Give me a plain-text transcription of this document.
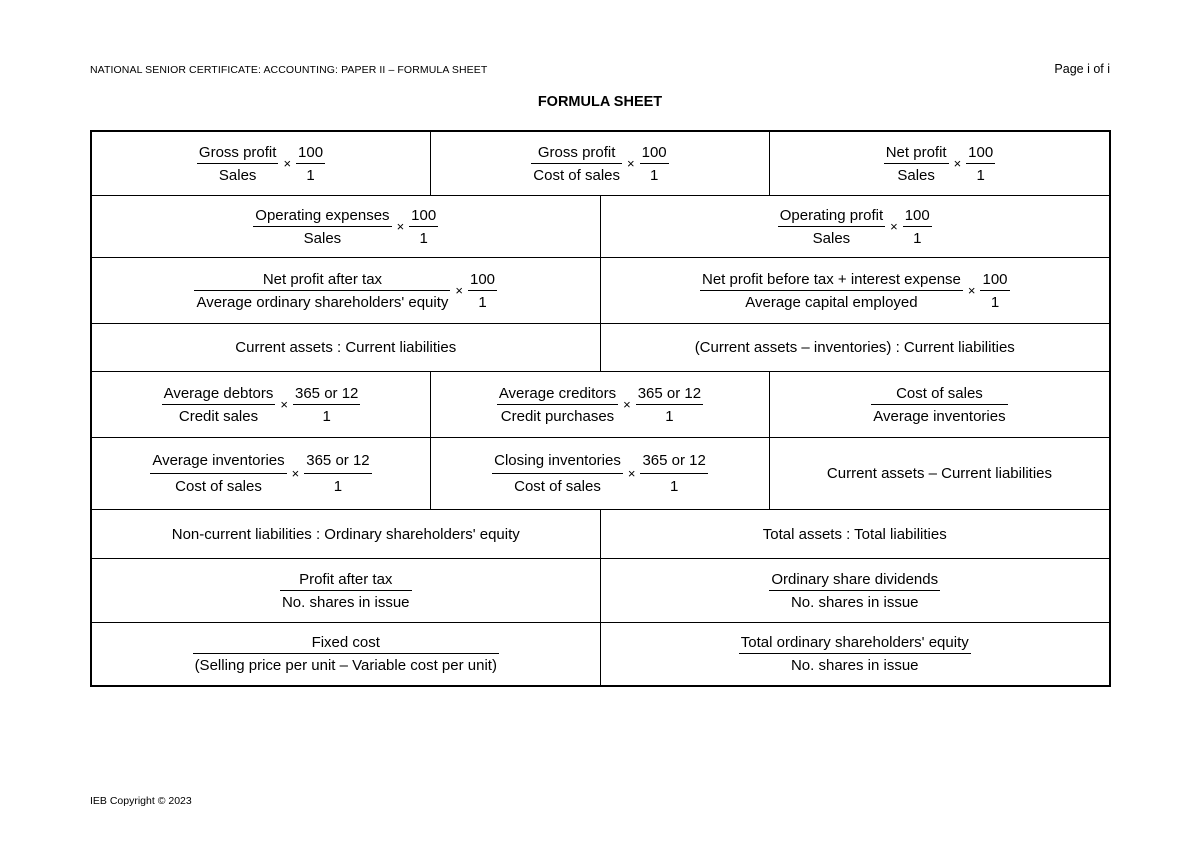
NATIONAL SENIOR CERTIFICATE: ACCOUNTING: PAPER II – FORMULA SHEET	Page i of i
FORMULA SHEET
$\frac{\text{Gross profit}}{\text{Sales}} \times \frac{100}{1}$	$\frac{\text{Gross profit}}{\text{Cost of sales}} \times \frac{100}{1}$	$\frac{\text{Net profit}}{\text{Sales}} \times \frac{100}{1}$
$\frac{\text{Operating expenses}}{\text{Sales}} \times \frac{100}{1}$	$\frac{\text{Operating profit}}{\text{Sales}} \times \frac{100}{1}$
$\frac{\text{Net profit after tax}}{\text{Average ordinary shareholders' equity}} \times \frac{100}{1}$	$\frac{\text{Net profit before tax + interest expense}}{\text{Average capital employed}} \times \frac{100}{1}$
Current assets : Current liabilities	(Current assets – inventories) : Current liabilities
$\frac{\text{Average debtors}}{\text{Credit sales}} \times \frac{365 or 12}{1}$	$\frac{\text{Average creditors}}{\text{Credit purchases}} \times \frac{365 or 12}{1}$	$\frac{\text{Cost of sales}}{\text{Average inventories}}$
$\frac{\text{Average inventories}}{\text{Cost of sales}} \times \frac{365 or 12}{1}$	$\frac{\text{Closing inventories}}{\text{Cost of sales}} \times \frac{365 or 12}{1}$	Current assets – Current liabilities
Non-current liabilities : Ordinary shareholders' equity	Total assets : Total liabilities
$\frac{\text{Profit after tax}}{\text{No. shares in issue}}$	$\frac{\text{Ordinary share dividends}}{\text{No. shares in issue}}$
$\frac{\text{Fixed cost}}{\text{(Selling price per unit – Variable cost per unit)}}$	$\frac{\text{Total ordinary shareholders' equity}}{\text{No. shares in issue}}$
IEB Copyright © 2023
